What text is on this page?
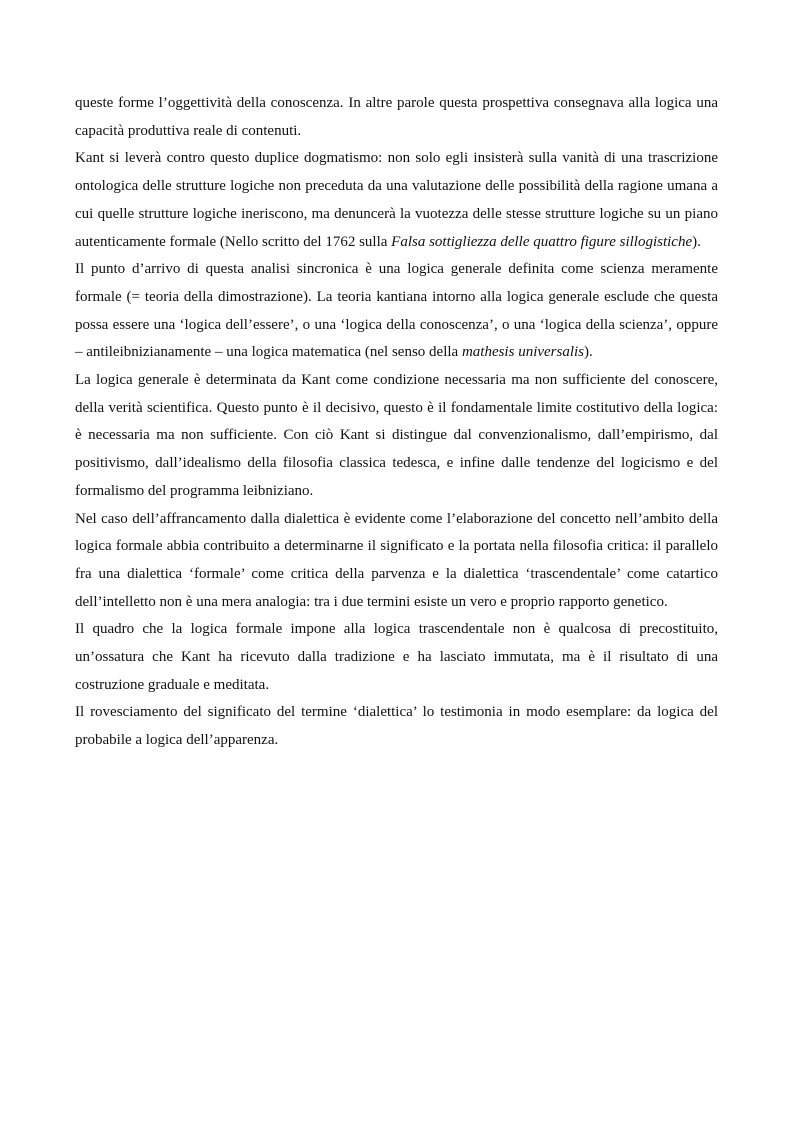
queste forme l’oggettività della conoscenza. In altre parole questa prospettiva consegnava alla logica una capacità produttiva reale di contenuti.

Kant si leverà contro questo duplice dogmatismo: non solo egli insisterà sulla vanità di una trascrizione ontologica delle strutture logiche non preceduta da una valutazione delle possibilità della ragione umana a cui quelle strutture logiche ineriscono, ma denuncerà la vuotezza delle stesse strutture logiche su un piano autenticamente formale (Nello scritto del 1762 sulla Falsa sottigliezza delle quattro figure sillogistiche).

Il punto d’arrivo di questa analisi sincronica è una logica generale definita come scienza meramente formale (= teoria della dimostrazione). La teoria kantiana intorno alla logica generale esclude che questa possa essere una ‘logica dell’essere’, o una ‘logica della conoscenza’, o una ‘logica della scienza’, oppure – antileibnizianamente – una logica matematica (nel senso della mathesis universalis).

La logica generale è determinata da Kant come condizione necessaria ma non sufficiente del conoscere, della verità scientifica. Questo punto è il decisivo, questo è il fondamentale limite costitutivo della logica: è necessaria ma non sufficiente. Con ciò Kant si distingue dal convenzionalismo, dall’empirismo, dal positivismo, dall’idealismo della filosofia classica tedesca, e infine dalle tendenze del logicismo e del formalismo del programma leibniziano.

Nel caso dell’affrancamento dalla dialettica è evidente come l’elaborazione del concetto nell’ambito della logica formale abbia contribuito a determinarne il significato e la portata nella filosofia critica: il parallelo fra una dialettica ‘formale’ come critica della parvenza e la dialettica ‘trascendentale’ come catartico dell’intelletto non è una mera analogia: tra i due termini esiste un vero e proprio rapporto genetico.

Il quadro che la logica formale impone alla logica trascendentale non è qualcosa di precostituito, un’ossatura che Kant ha ricevuto dalla tradizione e ha lasciato immutata, ma è il risultato di una costruzione graduale e meditata.

Il rovesciamento del significato del termine ‘dialettica’ lo testimonia in modo esemplare: da logica del probabile a logica dell’apparenza.
